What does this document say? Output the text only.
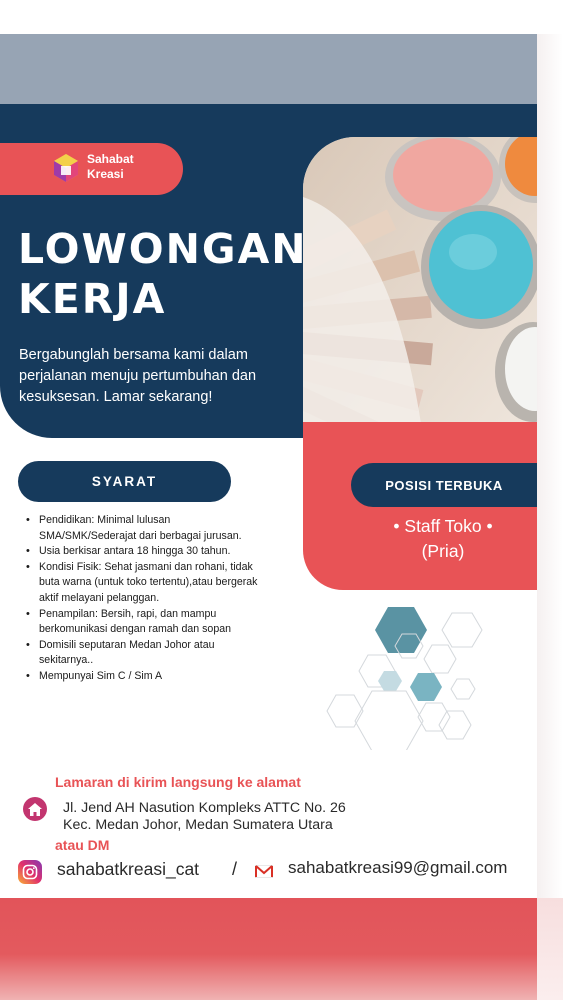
Sahabat
Kreasi
LOWONGAN
KERJA
Bergabunglah bersama kami dalam perjalanan menuju pertumbuhan dan kesuksesan. Lamar sekarang!
SYARAT
• Pendidikan: Minimal lulusan SMA/SMK/Sederajat dari berbagai jurusan.
• Usia berkisar antara 18 hingga 30 tahun.
• Kondisi Fisik: Sehat jasmani dan rohani, tidak buta warna (untuk toko tertentu),atau bergerak aktif melayani pelanggan.
• Penampilan: Bersih, rapi, dan mampu berkomunikasi dengan ramah dan sopan
• Domisili seputaran Medan Johor atau sekitarnya..
• Mempunyai Sim C / Sim A
POSISI TERBUKA
• Staff Toko •
(Pria)
Lamaran di kirim langsung ke alamat
Jl. Jend AH Nasution Kompleks ATTC No. 26
Kec. Medan Johor, Medan Sumatera Utara
atau DM
sahabatkreasi_cat /	sahabatkreasi99@gmail.com
